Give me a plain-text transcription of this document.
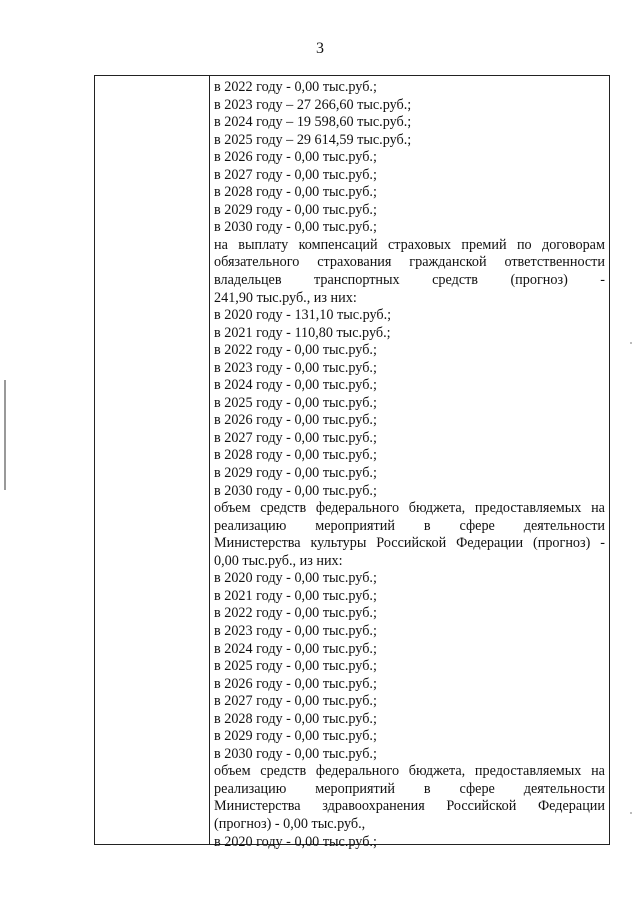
3
в 2022 году - 0,00 тыс.руб.;
в 2023 году – 27 266,60 тыс.руб.;
в 2024 году – 19 598,60 тыс.руб.;
в 2025 году – 29 614,59 тыс.руб.;
в 2026 году - 0,00 тыс.руб.;
в 2027 году - 0,00 тыс.руб.;
в 2028 году - 0,00 тыс.руб.;
в 2029 году - 0,00 тыс.руб.;
в 2030 году - 0,00 тыс.руб.;
на выплату компенсаций страховых премий по договорам
обязательного страхования гражданской ответственности
владельцев транспортных средств (прогноз) -
241,90 тыс.руб., из них:
в 2020 году - 131,10 тыс.руб.;
в 2021 году - 110,80 тыс.руб.;
в 2022 году - 0,00 тыс.руб.;
в 2023 году - 0,00 тыс.руб.;
в 2024 году - 0,00 тыс.руб.;
в 2025 году - 0,00 тыс.руб.;
в 2026 году - 0,00 тыс.руб.;
в 2027 году - 0,00 тыс.руб.;
в 2028 году - 0,00 тыс.руб.;
в 2029 году - 0,00 тыс.руб.;
в 2030 году - 0,00 тыс.руб.;
объем средств федерального бюджета, предоставляемых на
реализацию мероприятий в сфере деятельности
Министерства культуры Российской Федерации (прогноз) -
0,00 тыс.руб., из них:
в 2020 году - 0,00 тыс.руб.;
в 2021 году - 0,00 тыс.руб.;
в 2022 году - 0,00 тыс.руб.;
в 2023 году - 0,00 тыс.руб.;
в 2024 году - 0,00 тыс.руб.;
в 2025 году - 0,00 тыс.руб.;
в 2026 году - 0,00 тыс.руб.;
в 2027 году - 0,00 тыс.руб.;
в 2028 году - 0,00 тыс.руб.;
в 2029 году - 0,00 тыс.руб.;
в 2030 году - 0,00 тыс.руб.;
объем средств федерального бюджета, предоставляемых на
реализацию мероприятий в сфере деятельности
Министерства здравоохранения Российской Федерации
(прогноз) - 0,00 тыс.руб.,
в 2020 году - 0,00 тыс.руб.;
